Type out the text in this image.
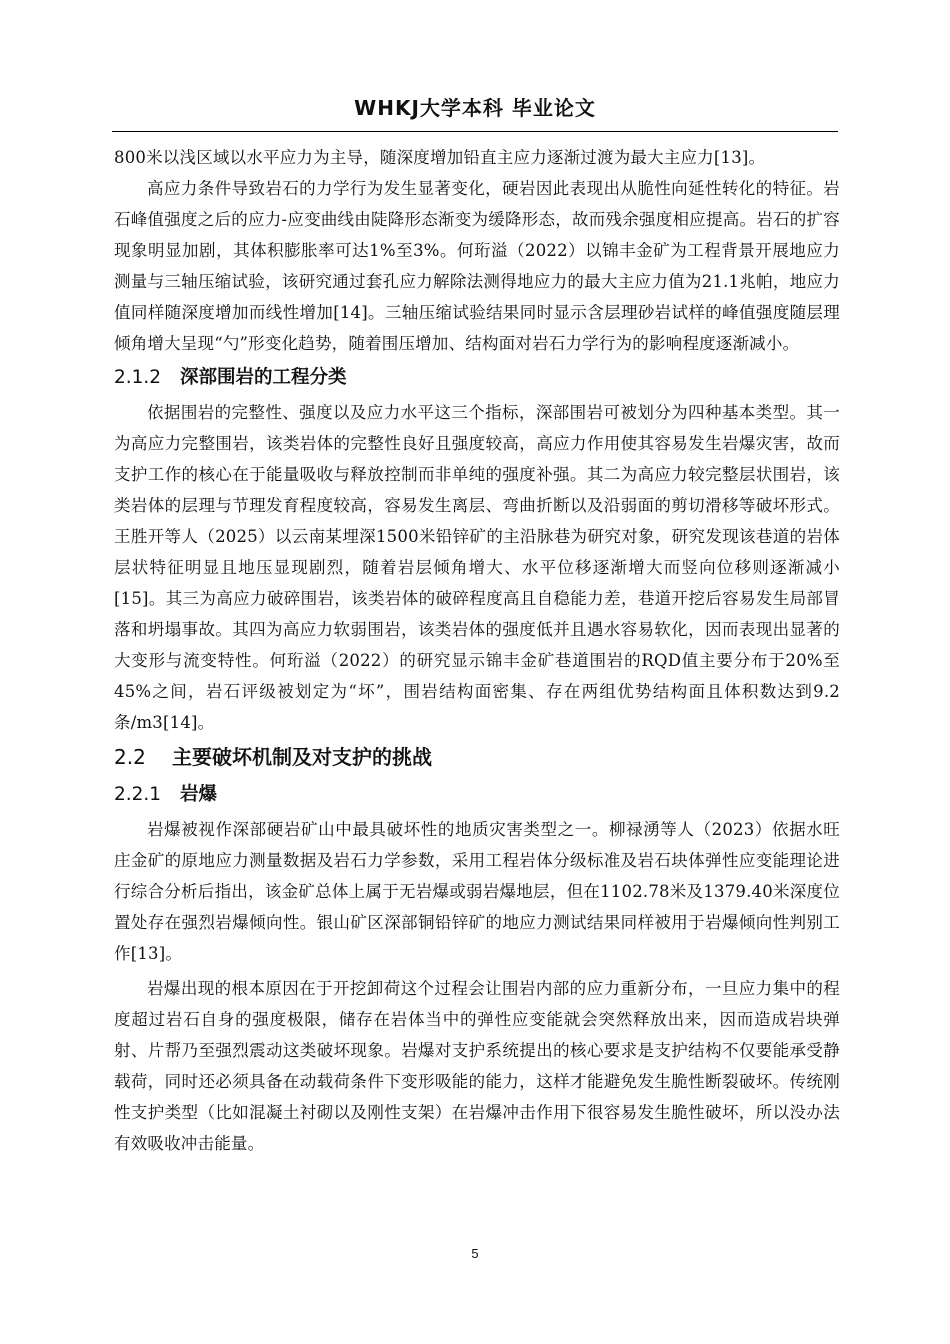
WHKJ大学本科 毕业论文

800米以浅区域以水平应力为主导，随深度增加铅直主应力逐渐过渡为最大主应力[13]。

高应力条件导致岩石的力学行为发生显著变化，硬岩因此表现出从脆性向延性转化的特征。岩石峰值强度之后的应力-应变曲线由陡降形态渐变为缓降形态，故而残余强度相应提高。岩石的扩容现象明显加剧，其体积膨胀率可达1%至3%。何珩溢（2022）以锦丰金矿为工程背景开展地应力测量与三轴压缩试验，该研究通过套孔应力解除法测得地应力的最大主应力值为21.1兆帕，地应力值同样随深度增加而线性增加[14]。三轴压缩试验结果同时显示含层理砂岩试样的峰值强度随层理倾角增大呈现“勺”形变化趋势，随着围压增加、结构面对岩石力学行为的影响程度逐渐减小。

2.1.2 深部围岩的工程分类

依据围岩的完整性、强度以及应力水平这三个指标，深部围岩可被划分为四种基本类型。其一为高应力完整围岩，该类岩体的完整性良好且强度较高，高应力作用使其容易发生岩爆灾害，故而支护工作的核心在于能量吸收与释放控制而非单纯的强度补强。其二为高应力较完整层状围岩，该类岩体的层理与节理发育程度较高，容易发生离层、弯曲折断以及沿弱面的剪切滑移等破坏形式。王胜开等人（2025）以云南某埋深1500米铅锌矿的主沿脉巷为研究对象，研究发现该巷道的岩体层状特征明显且地压显现剧烈，随着岩层倾角增大、水平位移逐渐增大而竖向位移则逐渐减小[15]。其三为高应力破碎围岩，该类岩体的破碎程度高且自稳能力差，巷道开挖后容易发生局部冒落和坍塌事故。其四为高应力软弱围岩，该类岩体的强度低并且遇水容易软化，因而表现出显著的大变形与流变特性。何珩溢（2022）的研究显示锦丰金矿巷道围岩的RQD值主要分布于20%至45%之间，岩石评级被划定为“坏”，围岩结构面密集、存在两组优势结构面且体积数达到9.2条/m3[14]。

2.2 主要破坏机制及对支护的挑战
2.2.1 岩爆

岩爆被视作深部硬岩矿山中最具破坏性的地质灾害类型之一。柳禄湧等人（2023）依据水旺庄金矿的原地应力测量数据及岩石力学参数，采用工程岩体分级标准及岩石块体弹性应变能理论进行综合分析后指出，该金矿总体上属于无岩爆或弱岩爆地层，但在1102.78米及1379.40米深度位置处存在强烈岩爆倾向性。银山矿区深部铜铅锌矿的地应力测试结果同样被用于岩爆倾向性判别工作[13]。

岩爆出现的根本原因在于开挖卸荷这个过程会让围岩内部的应力重新分布，一旦应力集中的程度超过岩石自身的强度极限，储存在岩体当中的弹性应变能就会突然释放出来，因而造成岩块弹射、片帮乃至强烈震动这类破坏现象。岩爆对支护系统提出的核心要求是支护结构不仅要能承受静载荷，同时还必须具备在动载荷条件下变形吸能的能力，这样才能避免发生脆性断裂破坏。传统刚性支护类型（比如混凝土衬砌以及刚性支架）在岩爆冲击作用下很容易发生脆性破坏，所以没办法有效吸收冲击能量。

5
